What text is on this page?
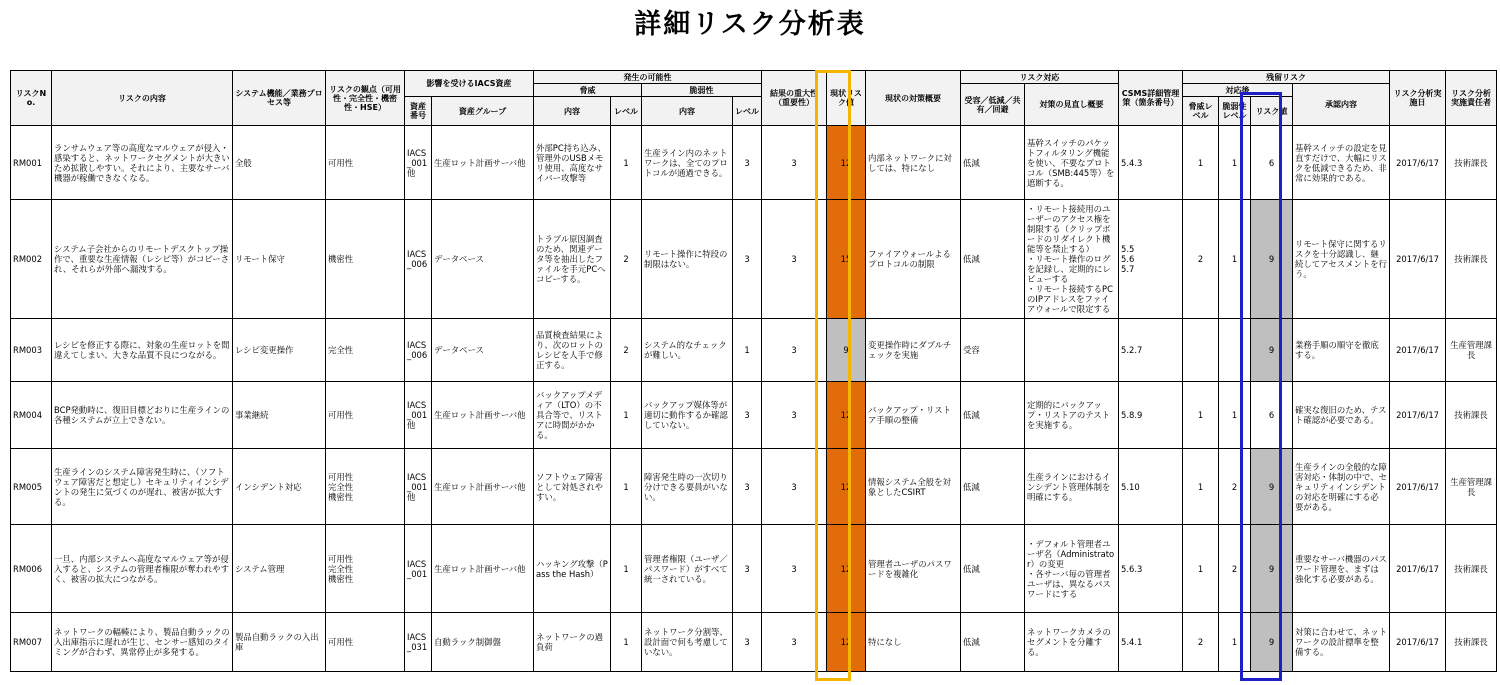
詳細リスク分析表
リスクNo.	リスクの内容	システム機能／業務プロセス等	リスクの観点（可用性・完全性・機密性・HSE）	影響を受けるIACS資産		発生の可能性				結果の重大性（重要性）	現状リスク値	現状の対策概要	リスク対応		CSMS詳細管理策（箇条番号）	残留リスク				リスク分析実施日	リスク分析実施責任者
						脅威		脆弱性					受容／低減／共有／回避	対策の見直し概要		対応後			承認内容		
				資産番号	資産グループ	内容	レベル	内容	レベル							脅威レベル	脆弱性レベル	リスク値			
RM001	ランサムウェア等の高度なマルウェアが侵入・感染すると、ネットワークセグメントが大きいため拡散しやすい。それにより、主要なサーバ機器が稼働できなくなる。	全般	可用性	IACS_001他	生産ロット計画サーバ他	外部PC持ち込み、管理外のUSBメモリ使用、高度なサイバー攻撃等	1	生産ライン内のネットワークは、全てのプロトコルが通過できる。	3	3	12	内部ネットワークに対しては、特になし	低減	基幹スイッチのパケットフィルタリング機能を使い、不要なプロトコル（SMB:445等）を遮断する。	5.4.3	1	1	6	基幹スイッチの設定を見直すだけで、大幅にリスクを低減できるため、非常に効果的である。	2017/6/17	技術課長
RM002	システム子会社からのリモートデスクトップ操作で、重要な生産情報（レシピ等）がコピーされ、それらが外部へ漏洩する。	リモート保守	機密性	IACS_006	データベース	トラブル原因調査のため、関連データ等を抽出したファイルを手元PCへコピーする。	2	リモート操作に特段の制限はない。	3	3	15	ファイアウォールよるプロトコルの制限	低減	・リモート接続用のユーザーのアクセス権を制限する（クリップボードのリダイレクト機能等を禁止する）
・リモート操作のログを記録し、定期的にレビューする
・リモート接続するPCのIPアドレスをファイアウォールで限定する	5.5
5.6
5.7	2	1	9	リモート保守に関するリスクを十分認識し、継続してアセスメントを行う。	2017/6/17	技術課長
RM003	レシピを修正する際に、対象の生産ロットを間違えてしまい、大きな品質不良につながる。	レシピ変更操作	完全性	IACS_006	データベース	品質検査結果により、次のロットのレシピを人手で修正する。	2	システム的なチェックが難しい。	1	3	9	変更操作時にダブルチェックを実施	受容		5.2.7			9	業務手順の順守を徹底する。	2017/6/17	生産管理課長
RM004	BCP発動時に、復旧目標どおりに生産ラインの各種システムが立上できない。	事業継続	可用性	IACS_001他	生産ロット計画サーバ他	バックアップメディア（LTO）の不具合等で、リストアに時間がかかる。	1	バックアップ媒体等が適切に動作するか確認していない。	3	3	12	バックアップ・リストア手順の整備	低減	定期的にバックアップ・リストアのテストを実施する。	5.8.9	1	1	6	確実な復旧のため、テスト確認が必要である。	2017/6/17	技術課長
RM005	生産ラインのシステム障害発生時に、（ソフトウェア障害だと想定し）セキュリティインシデントの発生に気づくのが遅れ、被害が拡大する。	インシデント対応	可用性
完全性
機密性	IACS_001他	生産ロット計画サーバ他	ソフトウェア障害として対処されやすい。	1	障害発生時の一次切り分けできる要員がいない。	3	3	12	情報システム全般を対象としたCSIRT	低減	生産ラインにおけるインシデント管理体制を明確にする。	5.10	1	2	9	生産ラインの全般的な障害対応・体制の中で、セキュリティインシデントの対応を明確にする必要がある。	2017/6/17	生産管理課長
RM006	一旦、内部システムへ高度なマルウェア等が侵入すると、システムの管理者権限が奪われやすく、被害の拡大につながる。	システム管理	可用性
完全性
機密性	IACS_001	生産ロット計画サーバ他	ハッキング攻撃（Pass the Hash）	1	管理者権限（ユーザ／パスワード）がすべて統一されている。	3	3	12	管理者ユーザのパスワードを複雑化	低減	・デフォルト管理者ユーザ名（Administrator）の変更
・各サーバ毎の管理者ユーザは、異なるパスワードにする	5.6.3	1	2	9	重要なサーバ機器のパスワード管理を、まずは強化する必要がある。	2017/6/17	技術課長
RM007	ネットワークの輻輳により、製品自動ラックの入出庫指示に遅れが生じ、センサー感知のタイミングが合わず、異常停止が多発する。	製品自動ラックの入出庫	可用性	IACS_031	自動ラック制御盤	ネットワークの過負荷	1	ネットワーク分割等、設計面で何も考慮していない。	3	3	12	特になし	低減	ネットワークカメラのセグメントを分離する。	5.4.1	2	1	9	対策に合わせて、ネットワークの設計標準を整備する。	2017/6/17	技術課長
